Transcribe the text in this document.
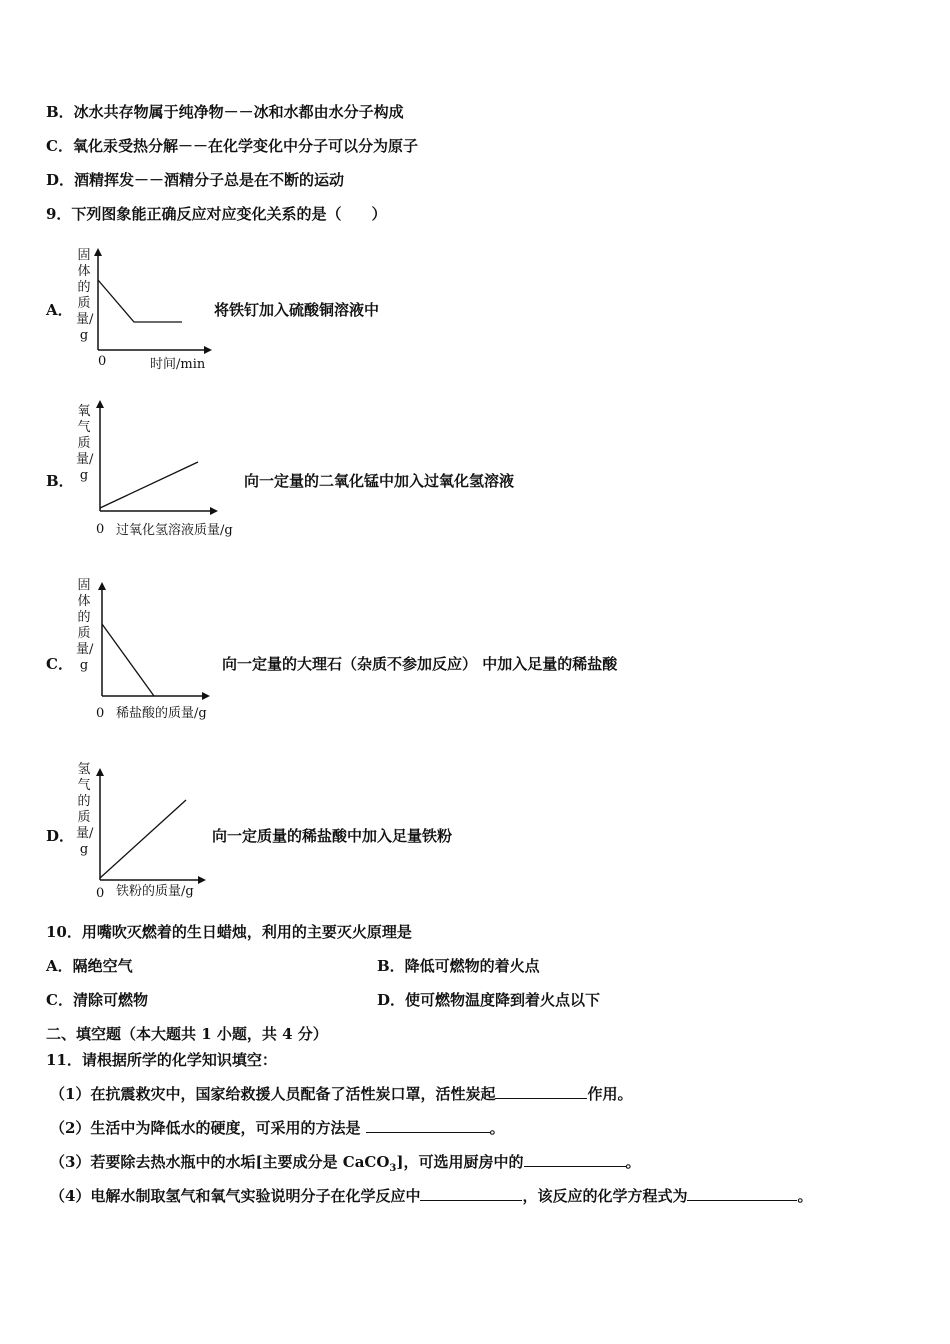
B．冰水共存物属于纯净物－－冰和水都由水分子构成
C．氧化汞受热分解－－在化学变化中分子可以分为原子
D．酒精挥发－－酒精分子总是在不断的运动
9．下列图象能正确反应对应变化关系的是（　　）
A．
固体的质量/g
0	时间/min
将铁钉加入硫酸铜溶液中
B．
氧气质量/g
0 过氧化氢溶液质量/g
向一定量的二氧化锰中加入过氧化氢溶液
C．
固体的质量/g
0 稀盐酸的质量/g
向一定量的大理石（杂质不参加反应） 中加入足量的稀盐酸
D．
氢气的质量/g
0 铁粉的质量/g
向一定质量的稀盐酸中加入足量铁粉
10．用嘴吹灭燃着的生日蜡烛，利用的主要灭火原理是
A．隔绝空气	B．降低可燃物的着火点
C．清除可燃物	D．使可燃物温度降到着火点以下
二、填空题（本大题共 1 小题，共 4 分）
11．请根据所学的化学知识填空：
（1）在抗震救灾中，国家给救援人员配备了活性炭口罩，活性炭起	作用。
（2）生活中为降低水的硬度，可采用的方法是	。
（3）若要除去热水瓶中的水垢[主要成分是 CaCO$_3$]，可选用厨房中的	。
（4）电解水制取氢气和氧气实验说明分子在化学反应中	，该反应的化学方程式为	。
